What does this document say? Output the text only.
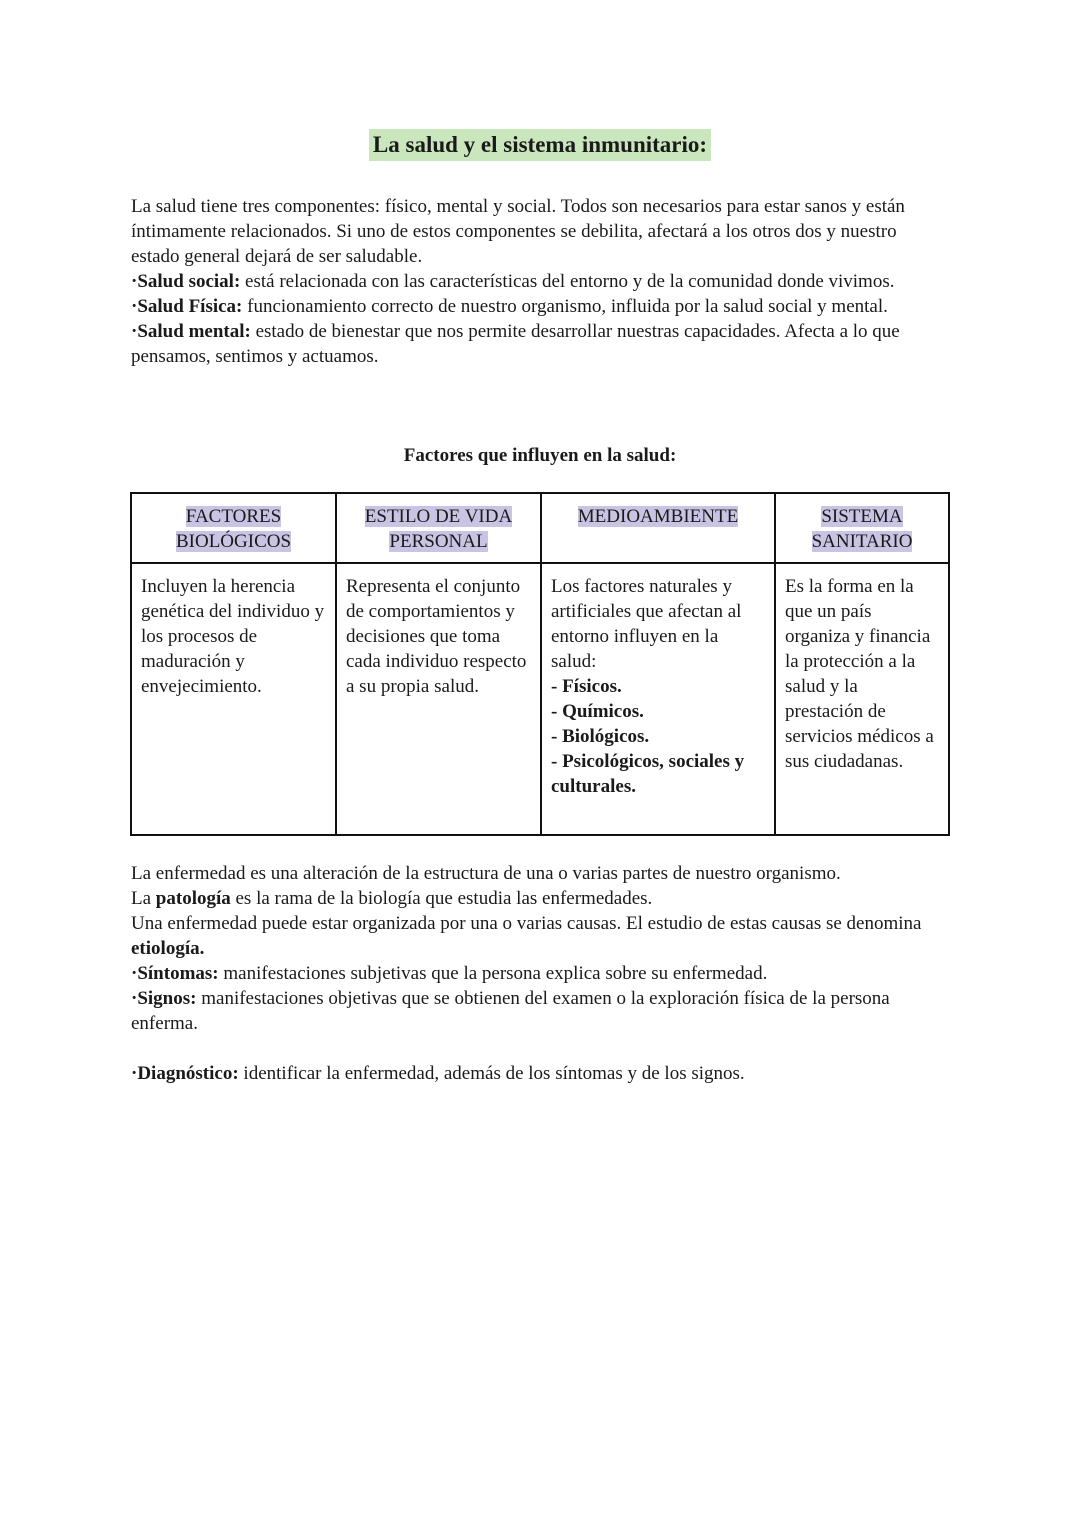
La salud y el sistema inmunitario:

La salud tiene tres componentes: físico, mental y social. Todos son necesarios para estar sanos y están íntimamente relacionados. Si uno de estos componentes se debilita, afectará a los otros dos y nuestro estado general dejará de ser saludable.

·Salud social: está relacionada con las características del entorno y de la comunidad donde vivimos.

·Salud Física: funcionamiento correcto de nuestro organismo, influida por la salud social y mental.

·Salud mental: estado de bienestar que nos permite desarrollar nuestras capacidades. Afecta a lo que pensamos, sentimos y actuamos.

Factores que influyen en la salud:
FACTORES BIOLÓGICOS	ESTILO DE VIDA PERSONAL	MEDIOAMBIENTE	SISTEMA SANITARIO
Incluyen la herencia genética del individuo y los procesos de maduración y envejecimiento.	Representa el conjunto de comportamientos y decisiones que toma cada individuo respecto a su propia salud.	Los factores naturales y artificiales que afectan al entorno influyen en la salud:
- Físicos.
- Químicos.
- Biológicos.
- Psicológicos, sociales y culturales.	Es la forma en la que un país organiza y financia la protección a la salud y la prestación de servicios médicos a sus ciudadanas.

La enfermedad es una alteración de la estructura de una o varias partes de nuestro organismo.

La patología es la rama de la biología que estudia las enfermedades.

Una enfermedad puede estar organizada por una o varias causas. El estudio de estas causas se denomina etiología.

·Síntomas: manifestaciones subjetivas que la persona explica sobre su enfermedad.

·Signos: manifestaciones objetivas que se obtienen del examen o la exploración física de la persona enferma.

·Diagnóstico: identificar la enfermedad, además de los síntomas y de los signos.
